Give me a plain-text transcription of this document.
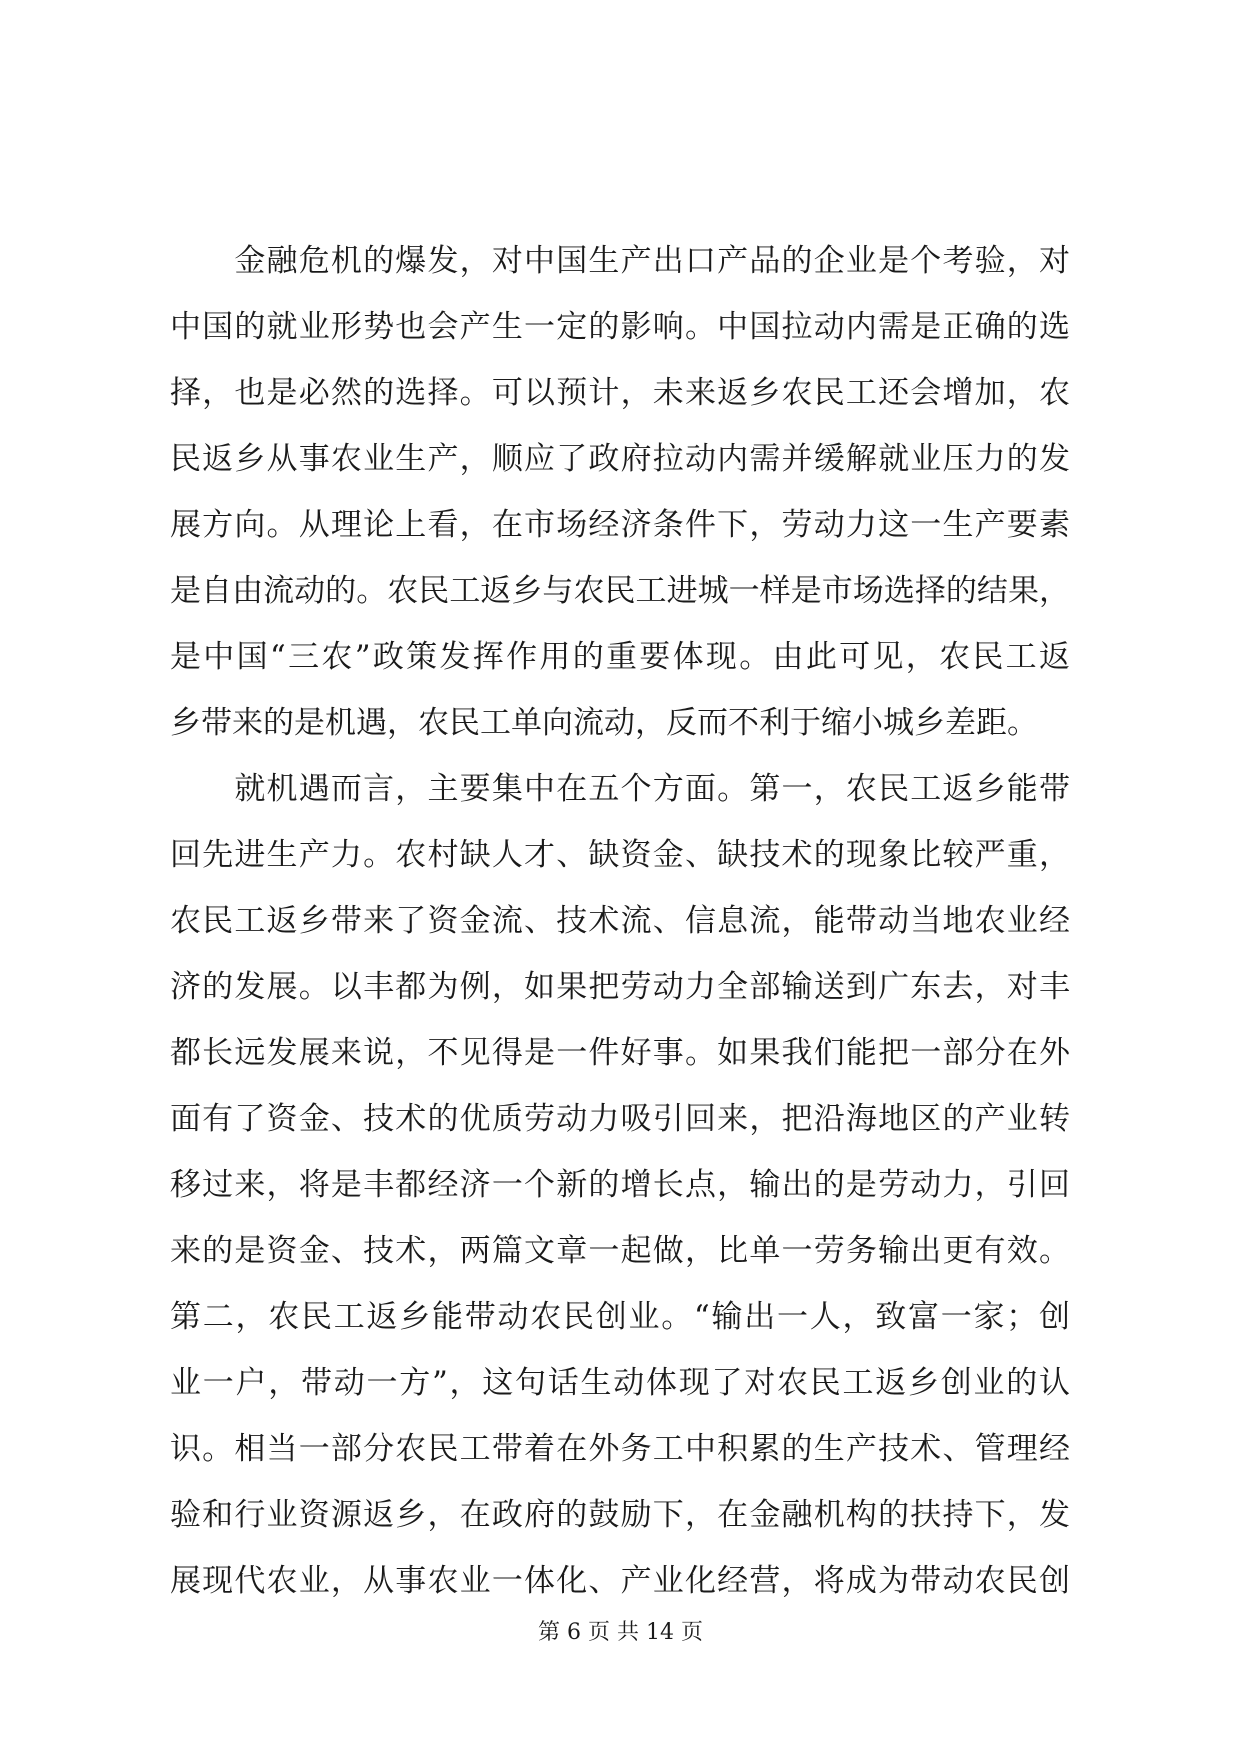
　　金融危机的爆发，对中国生产出口产品的企业是个考验，对
中国的就业形势也会产生一定的影响。中国拉动内需是正确的选
择，也是必然的选择。可以预计，未来返乡农民工还会增加，农
民返乡从事农业生产，顺应了政府拉动内需并缓解就业压力的发
展方向。从理论上看，在市场经济条件下，劳动力这一生产要素
是自由流动的。农民工返乡与农民工进城一样是市场选择的结果，
是中国“三农”政策发挥作用的重要体现。由此可见，农民工返
乡带来的是机遇，农民工单向流动，反而不利于缩小城乡差距。
　　就机遇而言，主要集中在五个方面。第一，农民工返乡能带
回先进生产力。农村缺人才、缺资金、缺技术的现象比较严重，
农民工返乡带来了资金流、技术流、信息流，能带动当地农业经
济的发展。以丰都为例，如果把劳动力全部输送到广东去，对丰
都长远发展来说，不见得是一件好事。如果我们能把一部分在外
面有了资金、技术的优质劳动力吸引回来，把沿海地区的产业转
移过来，将是丰都经济一个新的增长点，输出的是劳动力，引回
来的是资金、技术，两篇文章一起做，比单一劳务输出更有效。
第二，农民工返乡能带动农民创业。“输出一人，致富一家；创
业一户，带动一方”，这句话生动体现了对农民工返乡创业的认
识。相当一部分农民工带着在外务工中积累的生产技术、管理经
验和行业资源返乡，在政府的鼓励下，在金融机构的扶持下，发
展现代农业，从事农业一体化、产业化经营，将成为带动农民创
第 6 页 共 14 页
